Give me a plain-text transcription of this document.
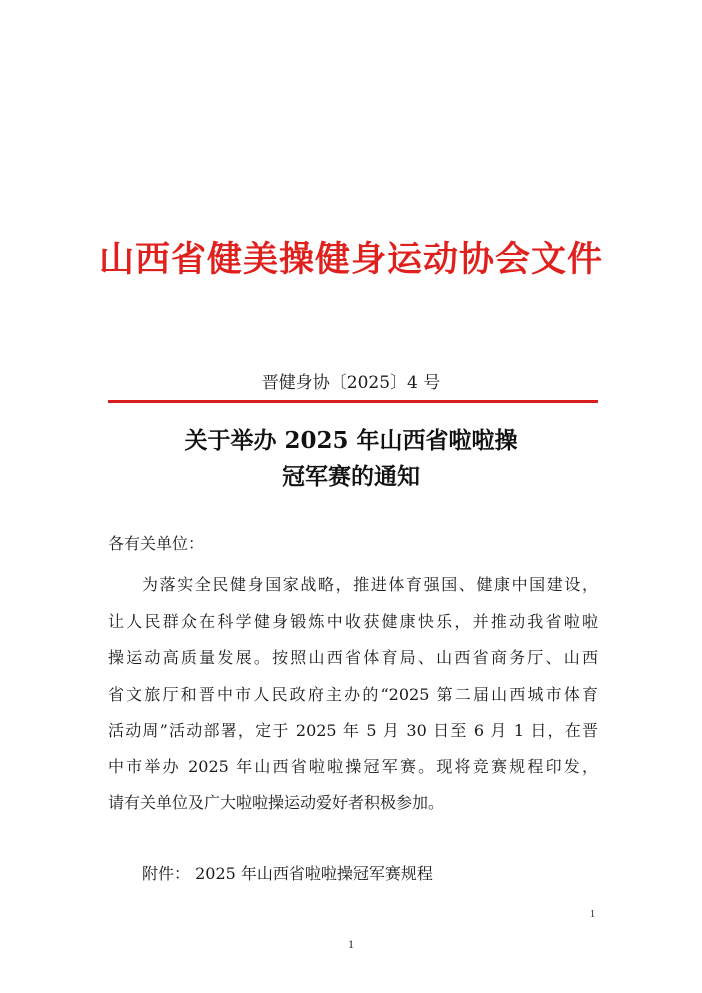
山西省健美操健身运动协会文件
晋健身协〔2025〕4 号
关于举办 2025 年山西省啦啦操
冠军赛的通知
各有关单位：
为落实全民健身国家战略，推进体育强国、健康中国建设，
让人民群众在科学健身锻炼中收获健康快乐，并推动我省啦啦
操运动高质量发展。按照山西省体育局、山西省商务厅、山西
省文旅厅和晋中市人民政府主办的“2025 第二届山西城市体育
活动周”活动部署，定于 2025 年 5 月 30 日至 6 月 1 日，在晋
中市举办 2025 年山西省啦啦操冠军赛。现将竞赛规程印发，
请有关单位及广大啦啦操运动爱好者积极参加。
附件： 2025 年山西省啦啦操冠军赛规程
1
1
